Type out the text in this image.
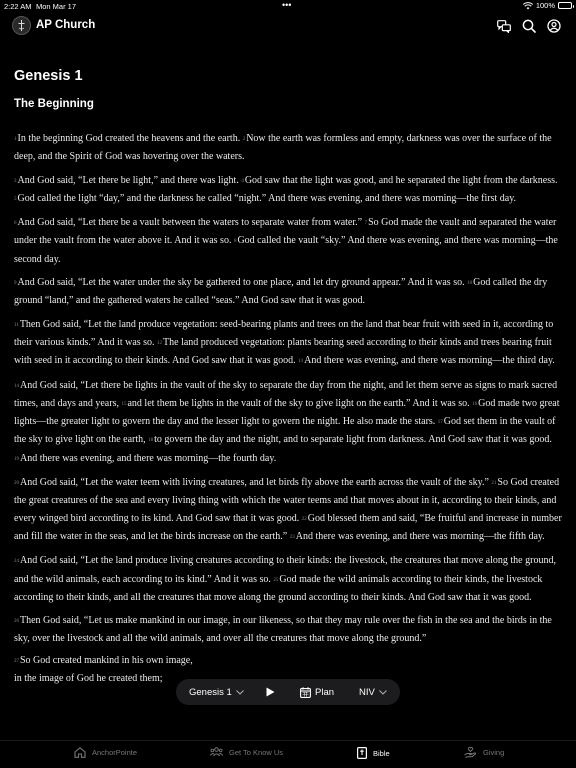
2:22 AM Mon Mar 17	•••	100%
AP Church
Genesis 1
The Beginning

$^1$In the beginning God created the heavens and the earth. $^2$Now the earth was formless and empty, darkness was over the surface of the deep, and the Spirit of God was hovering over the waters.

$^3$And God said, “Let there be light,” and there was light. $^4$God saw that the light was good, and he separated the light from the darkness. $^5$God called the light “day,” and the darkness he called “night.” And there was evening, and there was morning—the first day.

$^6$And God said, “Let there be a vault between the waters to separate water from water.” $^7$So God made the vault and separated the water under the vault from the water above it. And it was so. $^8$God called the vault “sky.” And there was evening, and there was morning—the second day.

$^9$And God said, “Let the water under the sky be gathered to one place, and let dry ground appear.” And it was so. $^{10}$God called the dry ground “land,” and the gathered waters he called “seas.” And God saw that it was good.

$^{11}$Then God said, “Let the land produce vegetation: seed-bearing plants and trees on the land that bear fruit with seed in it, according to their various kinds.” And it was so. $^{12}$The land produced vegetation: plants bearing seed according to their kinds and trees bearing fruit with seed in it according to their kinds. And God saw that it was good. $^{13}$And there was evening, and there was morning—the third day.

$^{14}$And God said, “Let there be lights in the vault of the sky to separate the day from the night, and let them serve as signs to mark sacred times, and days and years, $^{15}$and let them be lights in the vault of the sky to give light on the earth.” And it was so. $^{16}$God made two great lights—the greater light to govern the day and the lesser light to govern the night. He also made the stars. $^{17}$God set them in the vault of the sky to give light on the earth, $^{18}$to govern the day and the night, and to separate light from darkness. And God saw that it was good. $^{19}$And there was evening, and there was morning—the fourth day.

$^{20}$And God said, “Let the water teem with living creatures, and let birds fly above the earth across the vault of the sky.” $^{21}$So God created the great creatures of the sea and every living thing with which the water teems and that moves about in it, according to their kinds, and every winged bird according to its kind. And God saw that it was good. $^{22}$God blessed them and said, “Be fruitful and increase in number and fill the water in the seas, and let the birds increase on the earth.” $^{23}$And there was evening, and there was morning—the fifth day.

$^{24}$And God said, “Let the land produce living creatures according to their kinds: the livestock, the creatures that move along the ground, and the wild animals, each according to its kind.” And it was so. $^{25}$God made the wild animals according to their kinds, the livestock according to their kinds, and all the creatures that move along the ground according to their kinds. And God saw that it was good.

$^{26}$Then God said, “Let us make mankind in our image, in our likeness, so that they may rule over the fish in the sea and the birds in the sky, over the livestock and all the wild animals, and over all the creatures that move along the ground.”

$^{27}$So God created mankind in his own image,
in the image of God he created them;
Genesis 1	Plan	NIV
AnchorPointe	Get To Know Us	Bible	Giving
